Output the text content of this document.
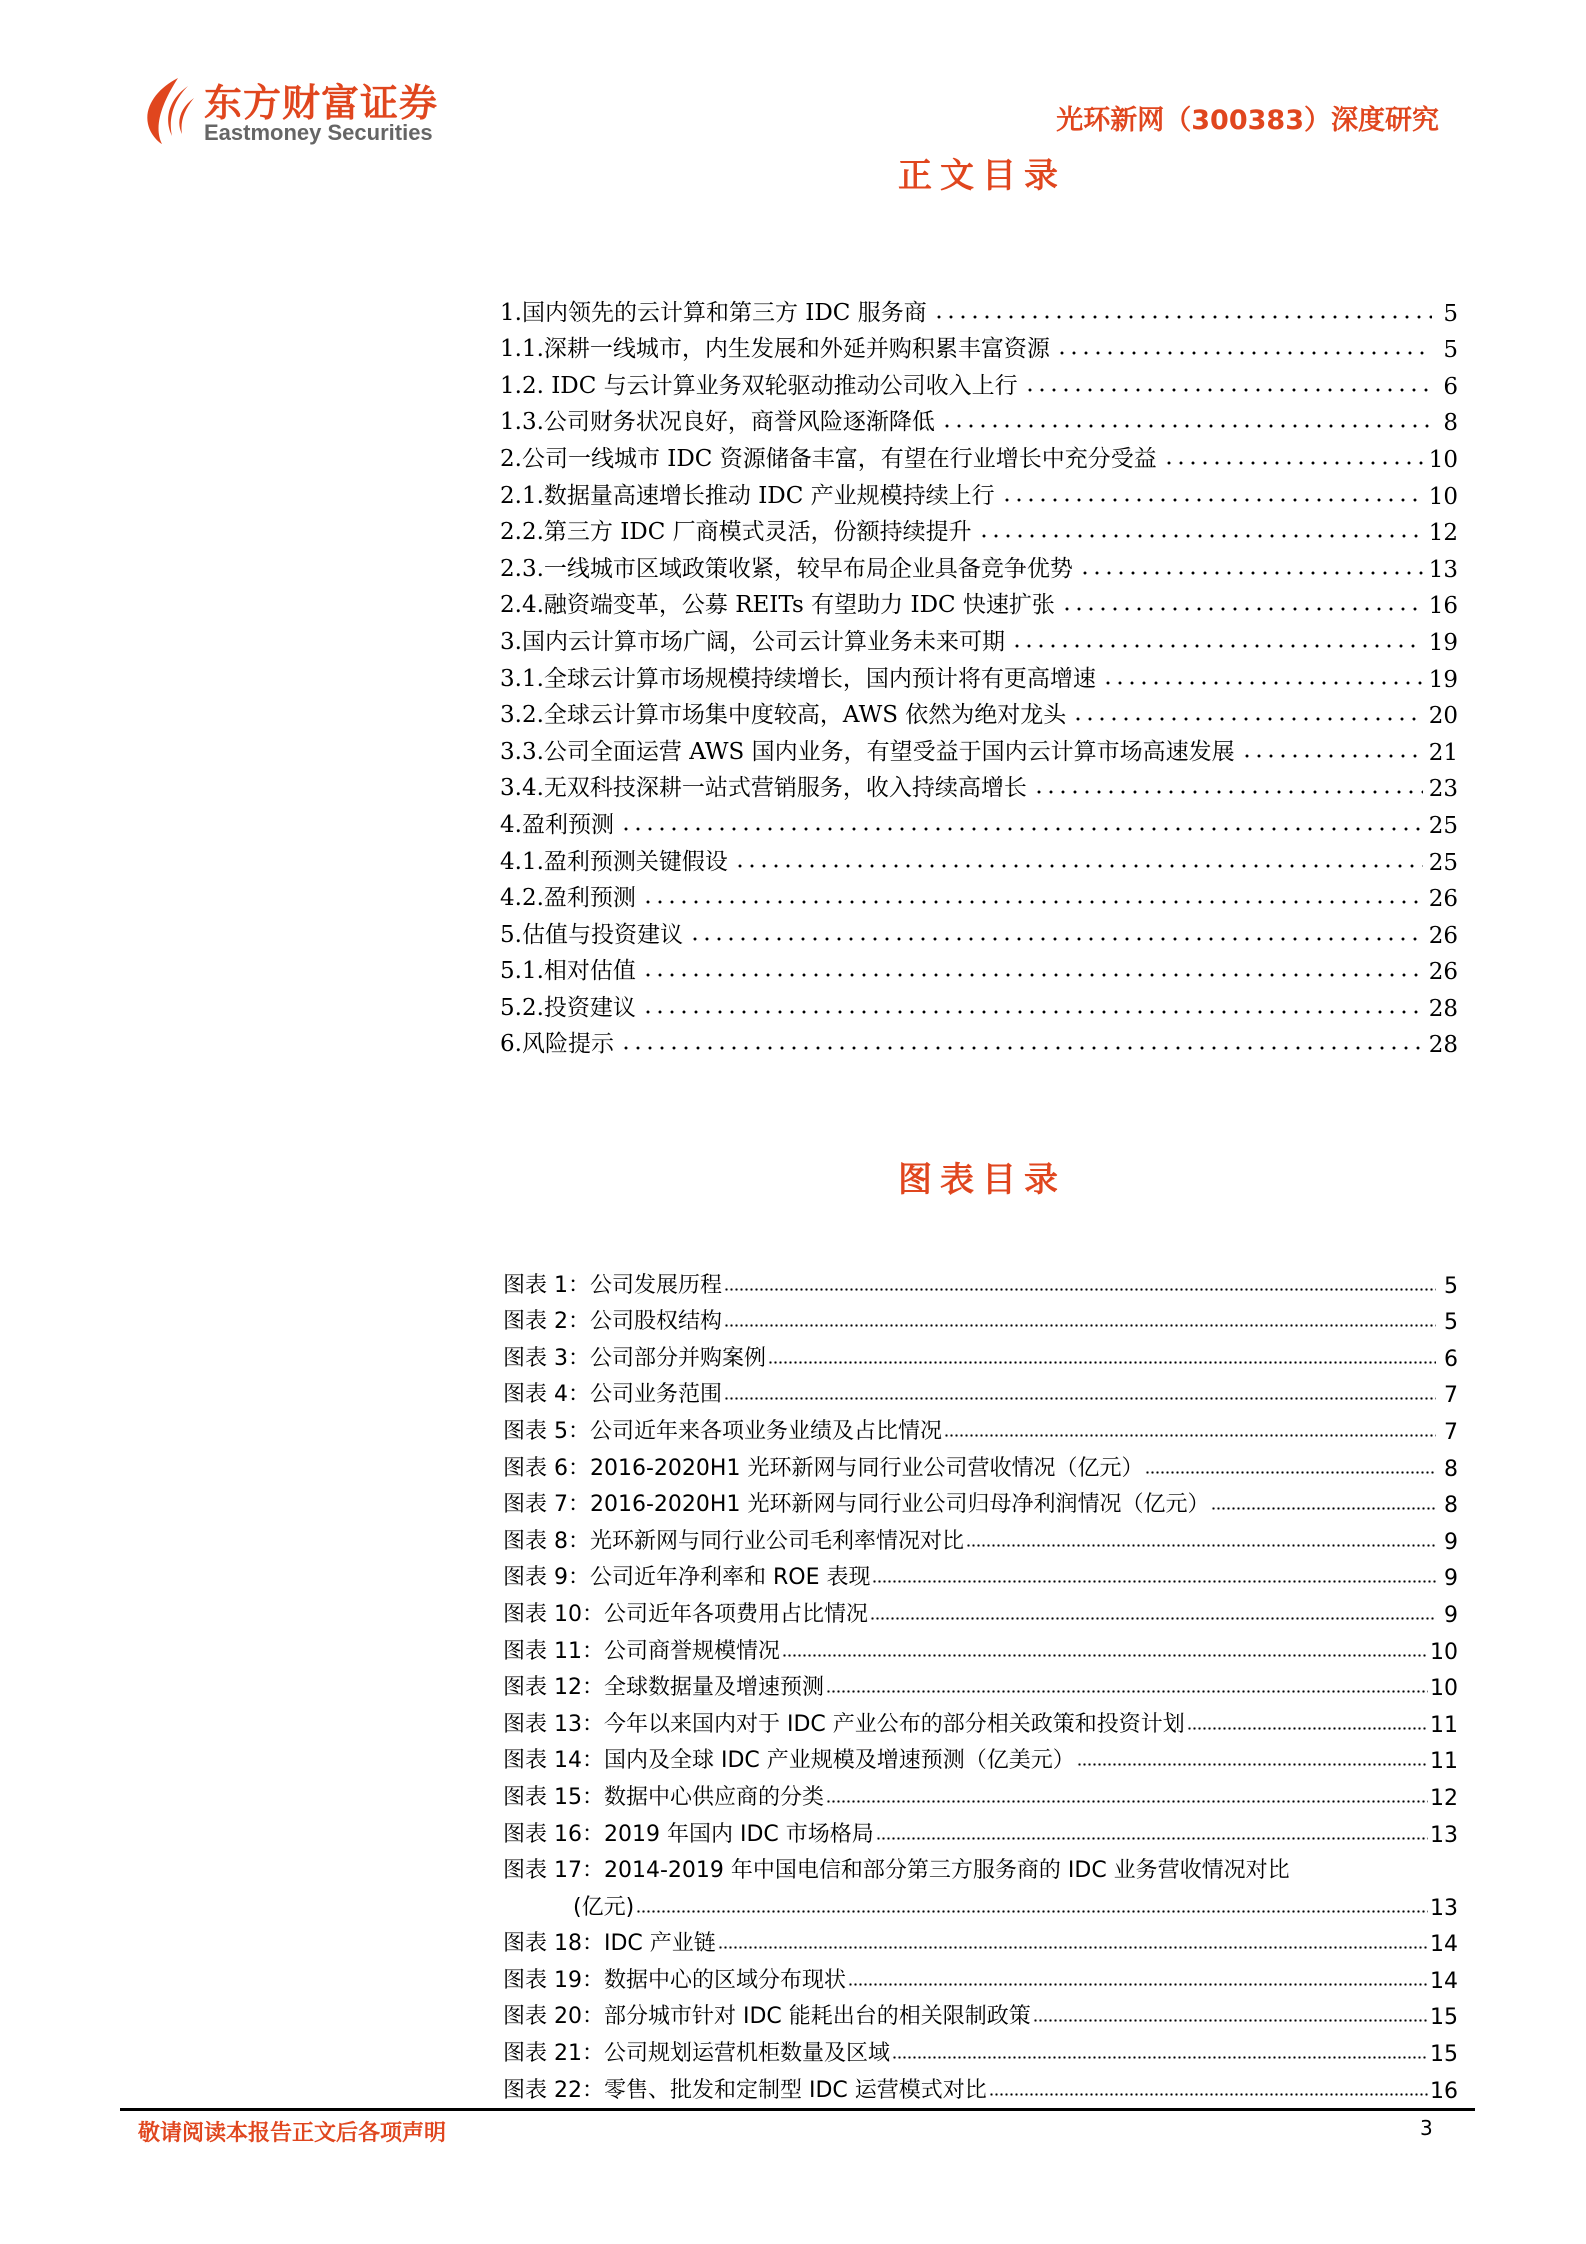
东方财富证券
Eastmoney Securities	光环新网（300383）深度研究
正文目录
1.国内领先的云计算和第三方 IDC 服务商	5
1.1.深耕一线城市，内生发展和外延并购积累丰富资源	5
1.2. IDC 与云计算业务双轮驱动推动公司收入上行	6
1.3.公司财务状况良好，商誉风险逐渐降低	8
2.公司一线城市 IDC 资源储备丰富，有望在行业增长中充分受益	10
2.1.数据量高速增长推动 IDC 产业规模持续上行	10
2.2.第三方 IDC 厂商模式灵活，份额持续提升	12
2.3.一线城市区域政策收紧，较早布局企业具备竞争优势	13
2.4.融资端变革，公募 REITs 有望助力 IDC 快速扩张	16
3.国内云计算市场广阔，公司云计算业务未来可期	19
3.1.全球云计算市场规模持续增长，国内预计将有更高增速	19
3.2.全球云计算市场集中度较高，AWS 依然为绝对龙头	20
3.3.公司全面运营 AWS 国内业务，有望受益于国内云计算市场高速发展	21
3.4.无双科技深耕一站式营销服务，收入持续高增长	23
4.盈利预测	25
4.1.盈利预测关键假设	25
4.2.盈利预测	26
5.估值与投资建议	26
5.1.相对估值	26
5.2.投资建议	28
6.风险提示	28
图表目录
图表 1：公司发展历程	5
图表 2：公司股权结构	5
图表 3：公司部分并购案例	6
图表 4：公司业务范围	7
图表 5：公司近年来各项业务业绩及占比情况	7
图表 6：2016-2020H1 光环新网与同行业公司营收情况（亿元）	8
图表 7：2016-2020H1 光环新网与同行业公司归母净利润情况（亿元）	8
图表 8：光环新网与同行业公司毛利率情况对比	9
图表 9：公司近年净利率和 ROE 表现	9
图表 10：公司近年各项费用占比情况	9
图表 11：公司商誉规模情况	10
图表 12：全球数据量及增速预测	10
图表 13：今年以来国内对于 IDC 产业公布的部分相关政策和投资计划	11
图表 14：国内及全球 IDC 产业规模及增速预测（亿美元）	11
图表 15：数据中心供应商的分类	12
图表 16：2019 年国内 IDC 市场格局	13
图表 17：2014-2019 年中国电信和部分第三方服务商的 IDC 业务营收情况对比
(亿元)	13
图表 18：IDC 产业链	14
图表 19：数据中心的区域分布现状	14
图表 20：部分城市针对 IDC 能耗出台的相关限制政策	15
图表 21：公司规划运营机柜数量及区域	15
图表 22：零售、批发和定制型 IDC 运营模式对比	16
敬请阅读本报告正文后各项声明	3
